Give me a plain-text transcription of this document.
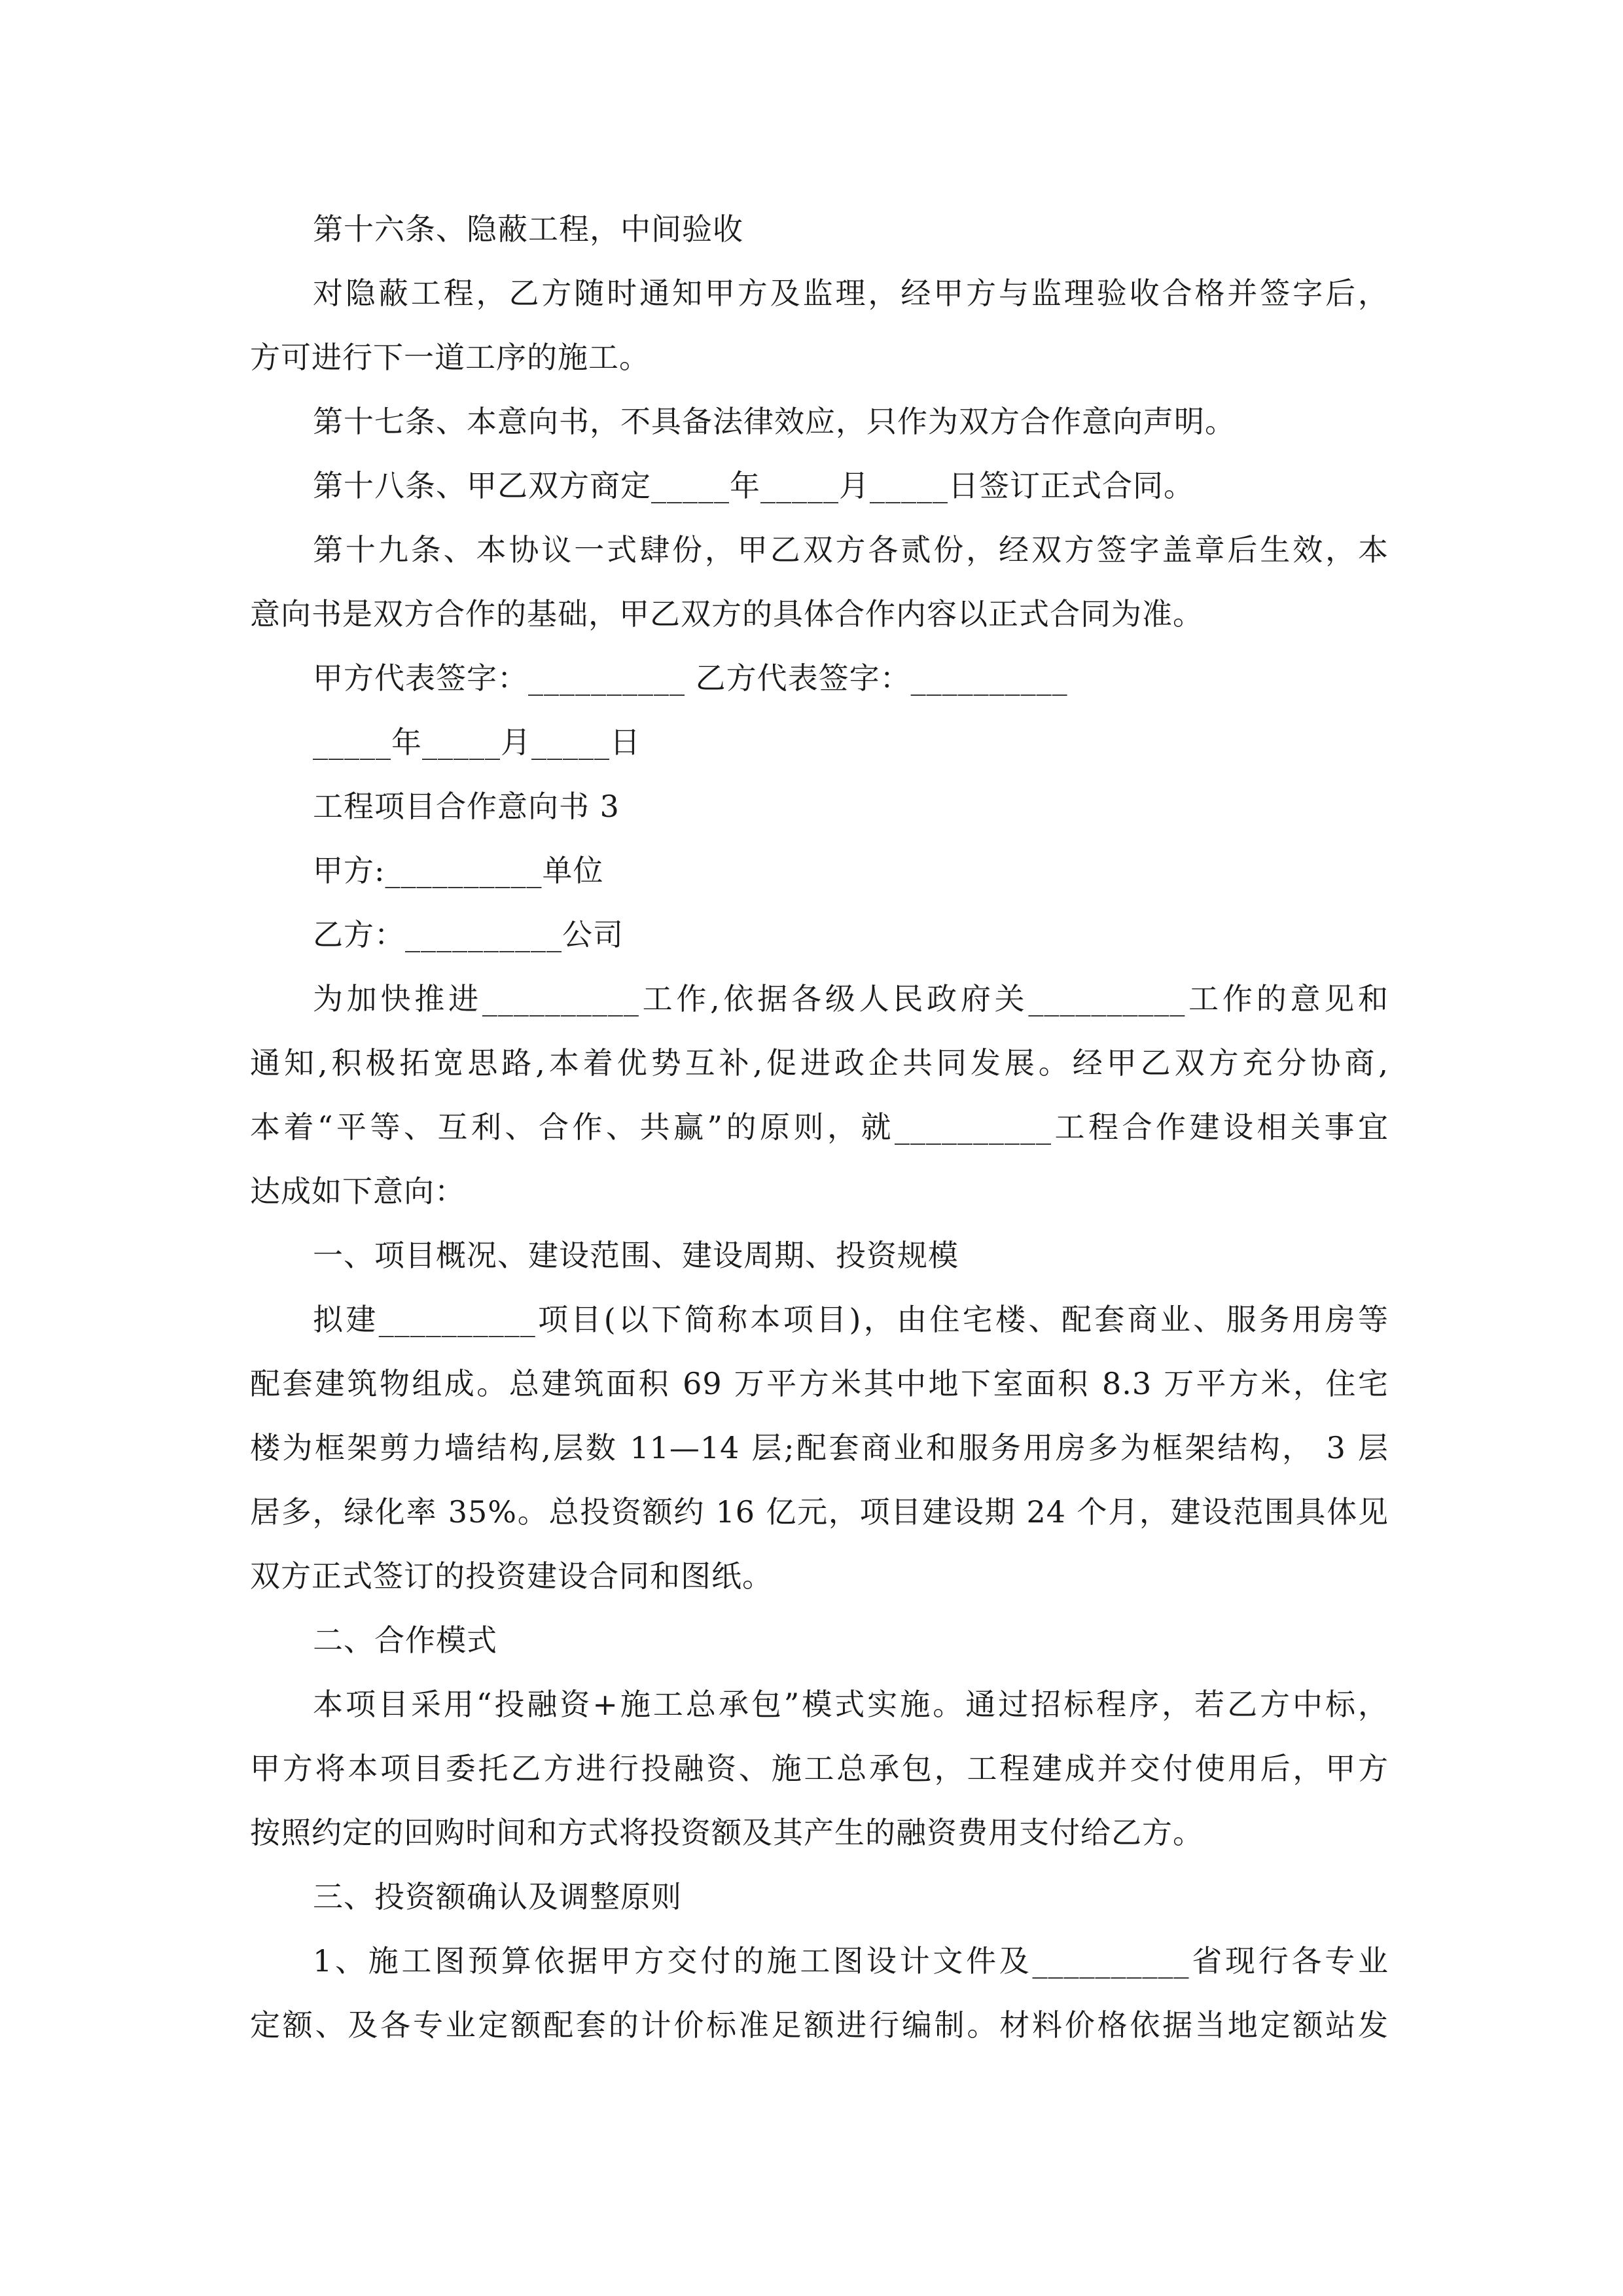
第十六条、隐蔽工程，中间验收
对隐蔽工程，乙方随时通知甲方及监理，经甲方与监理验收合格并签字后，
方可进行下一道工序的施工。
第十七条、本意向书，不具备法律效应，只作为双方合作意向声明。
第十八条、甲乙双方商定_____年_____月_____日签订正式合同。
第十九条、本协议一式肆份，甲乙双方各贰份，经双方签字盖章后生效，本
意向书是双方合作的基础，甲乙双方的具体合作内容以正式合同为准。
甲方代表签字：__________ 乙方代表签字：__________
_____年_____月_____日
工程项目合作意向书 3
甲方:__________单位
乙方：__________公司
为加快推进__________工作,依据各级人民政府关__________工作的意见和
通知,积极拓宽思路,本着优势互补,促进政企共同发展。经甲乙双方充分协商,
本着“平等、互利、合作、共赢”的原则，就__________工程合作建设相关事宜
达成如下意向：
一、项目概况、建设范围、建设周期、投资规模
拟建__________项目(以下简称本项目)，由住宅楼、配套商业、服务用房等
配套建筑物组成。总建筑面积 69 万平方米其中地下室面积 8.3 万平方米，住宅
楼为框架剪力墙结构,层数 11—14 层;配套商业和服务用房多为框架结构， 3 层
居多，绿化率 35%。总投资额约 16 亿元，项目建设期 24 个月，建设范围具体见
双方正式签订的投资建设合同和图纸。
二、合作模式
本项目采用“投融资+施工总承包”模式实施。通过招标程序，若乙方中标，
甲方将本项目委托乙方进行投融资、施工总承包，工程建成并交付使用后，甲方
按照约定的回购时间和方式将投资额及其产生的融资费用支付给乙方。
三、投资额确认及调整原则
1、施工图预算依据甲方交付的施工图设计文件及__________省现行各专业
定额、及各专业定额配套的计价标准足额进行编制。材料价格依据当地定额站发
